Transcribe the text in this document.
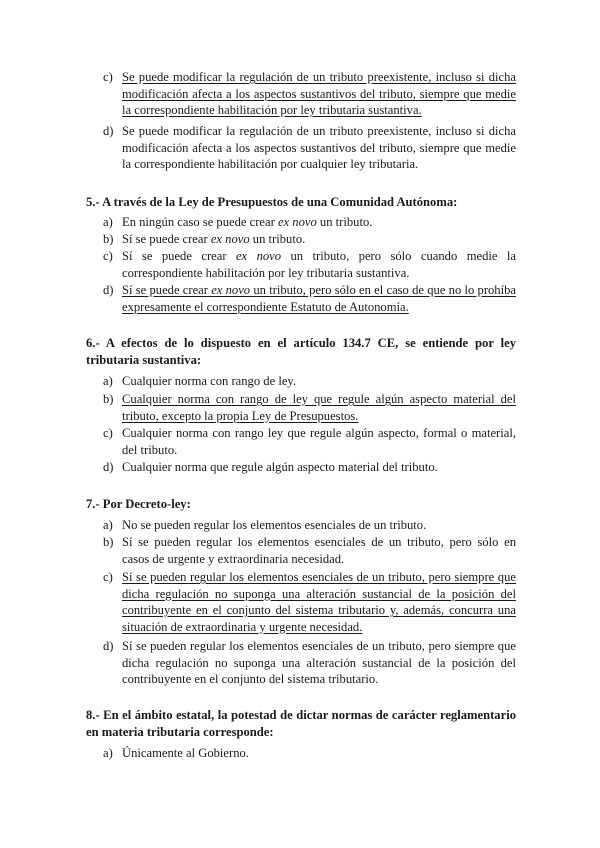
c) Se puede modificar la regulación de un tributo preexistente, incluso si dicha modificación afecta a los aspectos sustantivos del tributo, siempre que medie la correspondiente habilitación por ley tributaria sustantiva.
d) Se puede modificar la regulación de un tributo preexistente, incluso si dicha modificación afecta a los aspectos sustantivos del tributo, siempre que medie la correspondiente habilitación por cualquier ley tributaria.

5.- A través de la Ley de Presupuestos de una Comunidad Autónoma:

a) En ningún caso se puede crear ex novo un tributo.
b) Sí se puede crear ex novo un tributo.
c) Sí se puede crear ex novo un tributo, pero sólo cuando medie la correspondiente habilitación por ley tributaria sustantiva.
d) Sí se puede crear ex novo un tributo, pero sólo en el caso de que no lo prohíba expresamente el correspondiente Estatuto de Autonomía.

6.- A efectos de lo dispuesto en el artículo 134.7 CE, se entiende por ley tributaria sustantiva:

a) Cualquier norma con rango de ley.
b) Cualquier norma con rango de ley que regule algún aspecto material del tributo, excepto la propia Ley de Presupuestos.
c) Cualquier norma con rango ley que regule algún aspecto, formal o material, del tributo.
d) Cualquier norma que regule algún aspecto material del tributo.

7.- Por Decreto-ley:

a) No se pueden regular los elementos esenciales de un tributo.
b) Sí se pueden regular los elementos esenciales de un tributo, pero sólo en casos de urgente y extraordinaria necesidad.
c) Sí se pueden regular los elementos esenciales de un tributo, pero siempre que dicha regulación no suponga una alteración sustancial de la posición del contribuyente en el conjunto del sistema tributario y, además, concurra una situación de extraordinaria y urgente necesidad.
d) Sí se pueden regular los elementos esenciales de un tributo, pero siempre que dicha regulación no suponga una alteración sustancial de la posición del contribuyente en el conjunto del sistema tributario.

8.- En el ámbito estatal, la potestad de dictar normas de carácter reglamentario en materia tributaria corresponde:

a) Únicamente al Gobierno.
